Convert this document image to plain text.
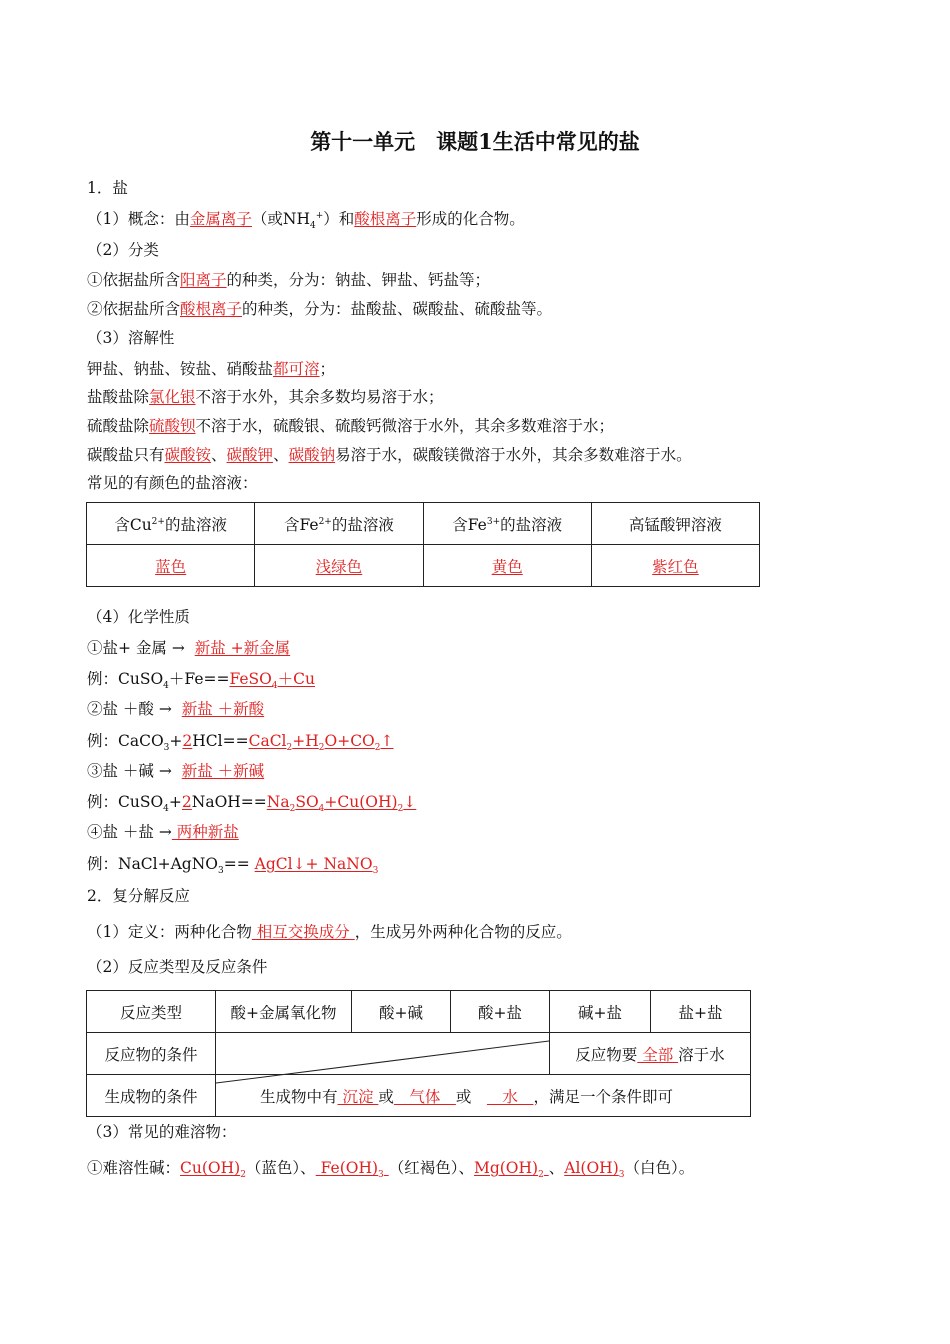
第十一单元　课题1生活中常见的盐
1．盐
（1）概念：由金属离子（或$NH_4^+$）和酸根离子形成的化合物。
（2）分类
①依据盐所含阳离子的种类，分为：钠盐、钾盐、钙盐等；
②依据盐所含酸根离子的种类，分为：盐酸盐、碳酸盐、硫酸盐等。
（3）溶解性
钾盐、钠盐、铵盐、硝酸盐都可溶；
盐酸盐除氯化银不溶于水外，其余多数均易溶于水；
硫酸盐除硫酸钡不溶于水，硫酸银、硫酸钙微溶于水外，其余多数难溶于水；
碳酸盐只有碳酸铵、碳酸钾、碳酸钠易溶于水，碳酸镁微溶于水外，其余多数难溶于水。
常见的有颜色的盐溶液：
含$Cu^{2+}$的盐溶液	含$Fe^{2+}$的盐溶液	含$Fe^{3+}$的盐溶液	高锰酸钾溶液
蓝色	浅绿色	黄色	紫红色
（4）化学性质
①盐+ 金属 → 新盐 +新金属
例：CuSO$_4$＋Fe==FeSO$_4$＋Cu
②盐 ＋酸 → 新盐 ＋新酸
例：$CaCO_3+2HCl==CaCl_2+H_2O+CO_2↑$
③盐 ＋碱 → 新盐 ＋新碱
例：$CuSO_4+2NaOH==Na_2SO_4+Cu(OH)_2↓$
④盐 ＋盐 → 两种新盐
例：NaCl+AgNO$_3$== AgCl↓+ NaNO$_3$
2．复分解反应
（1）定义：两种化合物 相互交换成分 ，生成另外两种化合物的反应。
（2）反应类型及反应条件
反应类型	酸+金属氧化物	酸+碱	酸+盐	碱+盐	盐+盐
反应物的条件				反应物要 全部 溶于水	
生成物的条件	生成物中有 沉淀 或　气体　或　　水　，满足一个条件即可				
（3）常见的难溶物：
①难溶性碱：$Cu(OH)_2$（蓝色）、 $Fe(OH)_3$ （红褐色）、$Mg(OH)_2$ 、$Al(OH)_3$（白色）。
